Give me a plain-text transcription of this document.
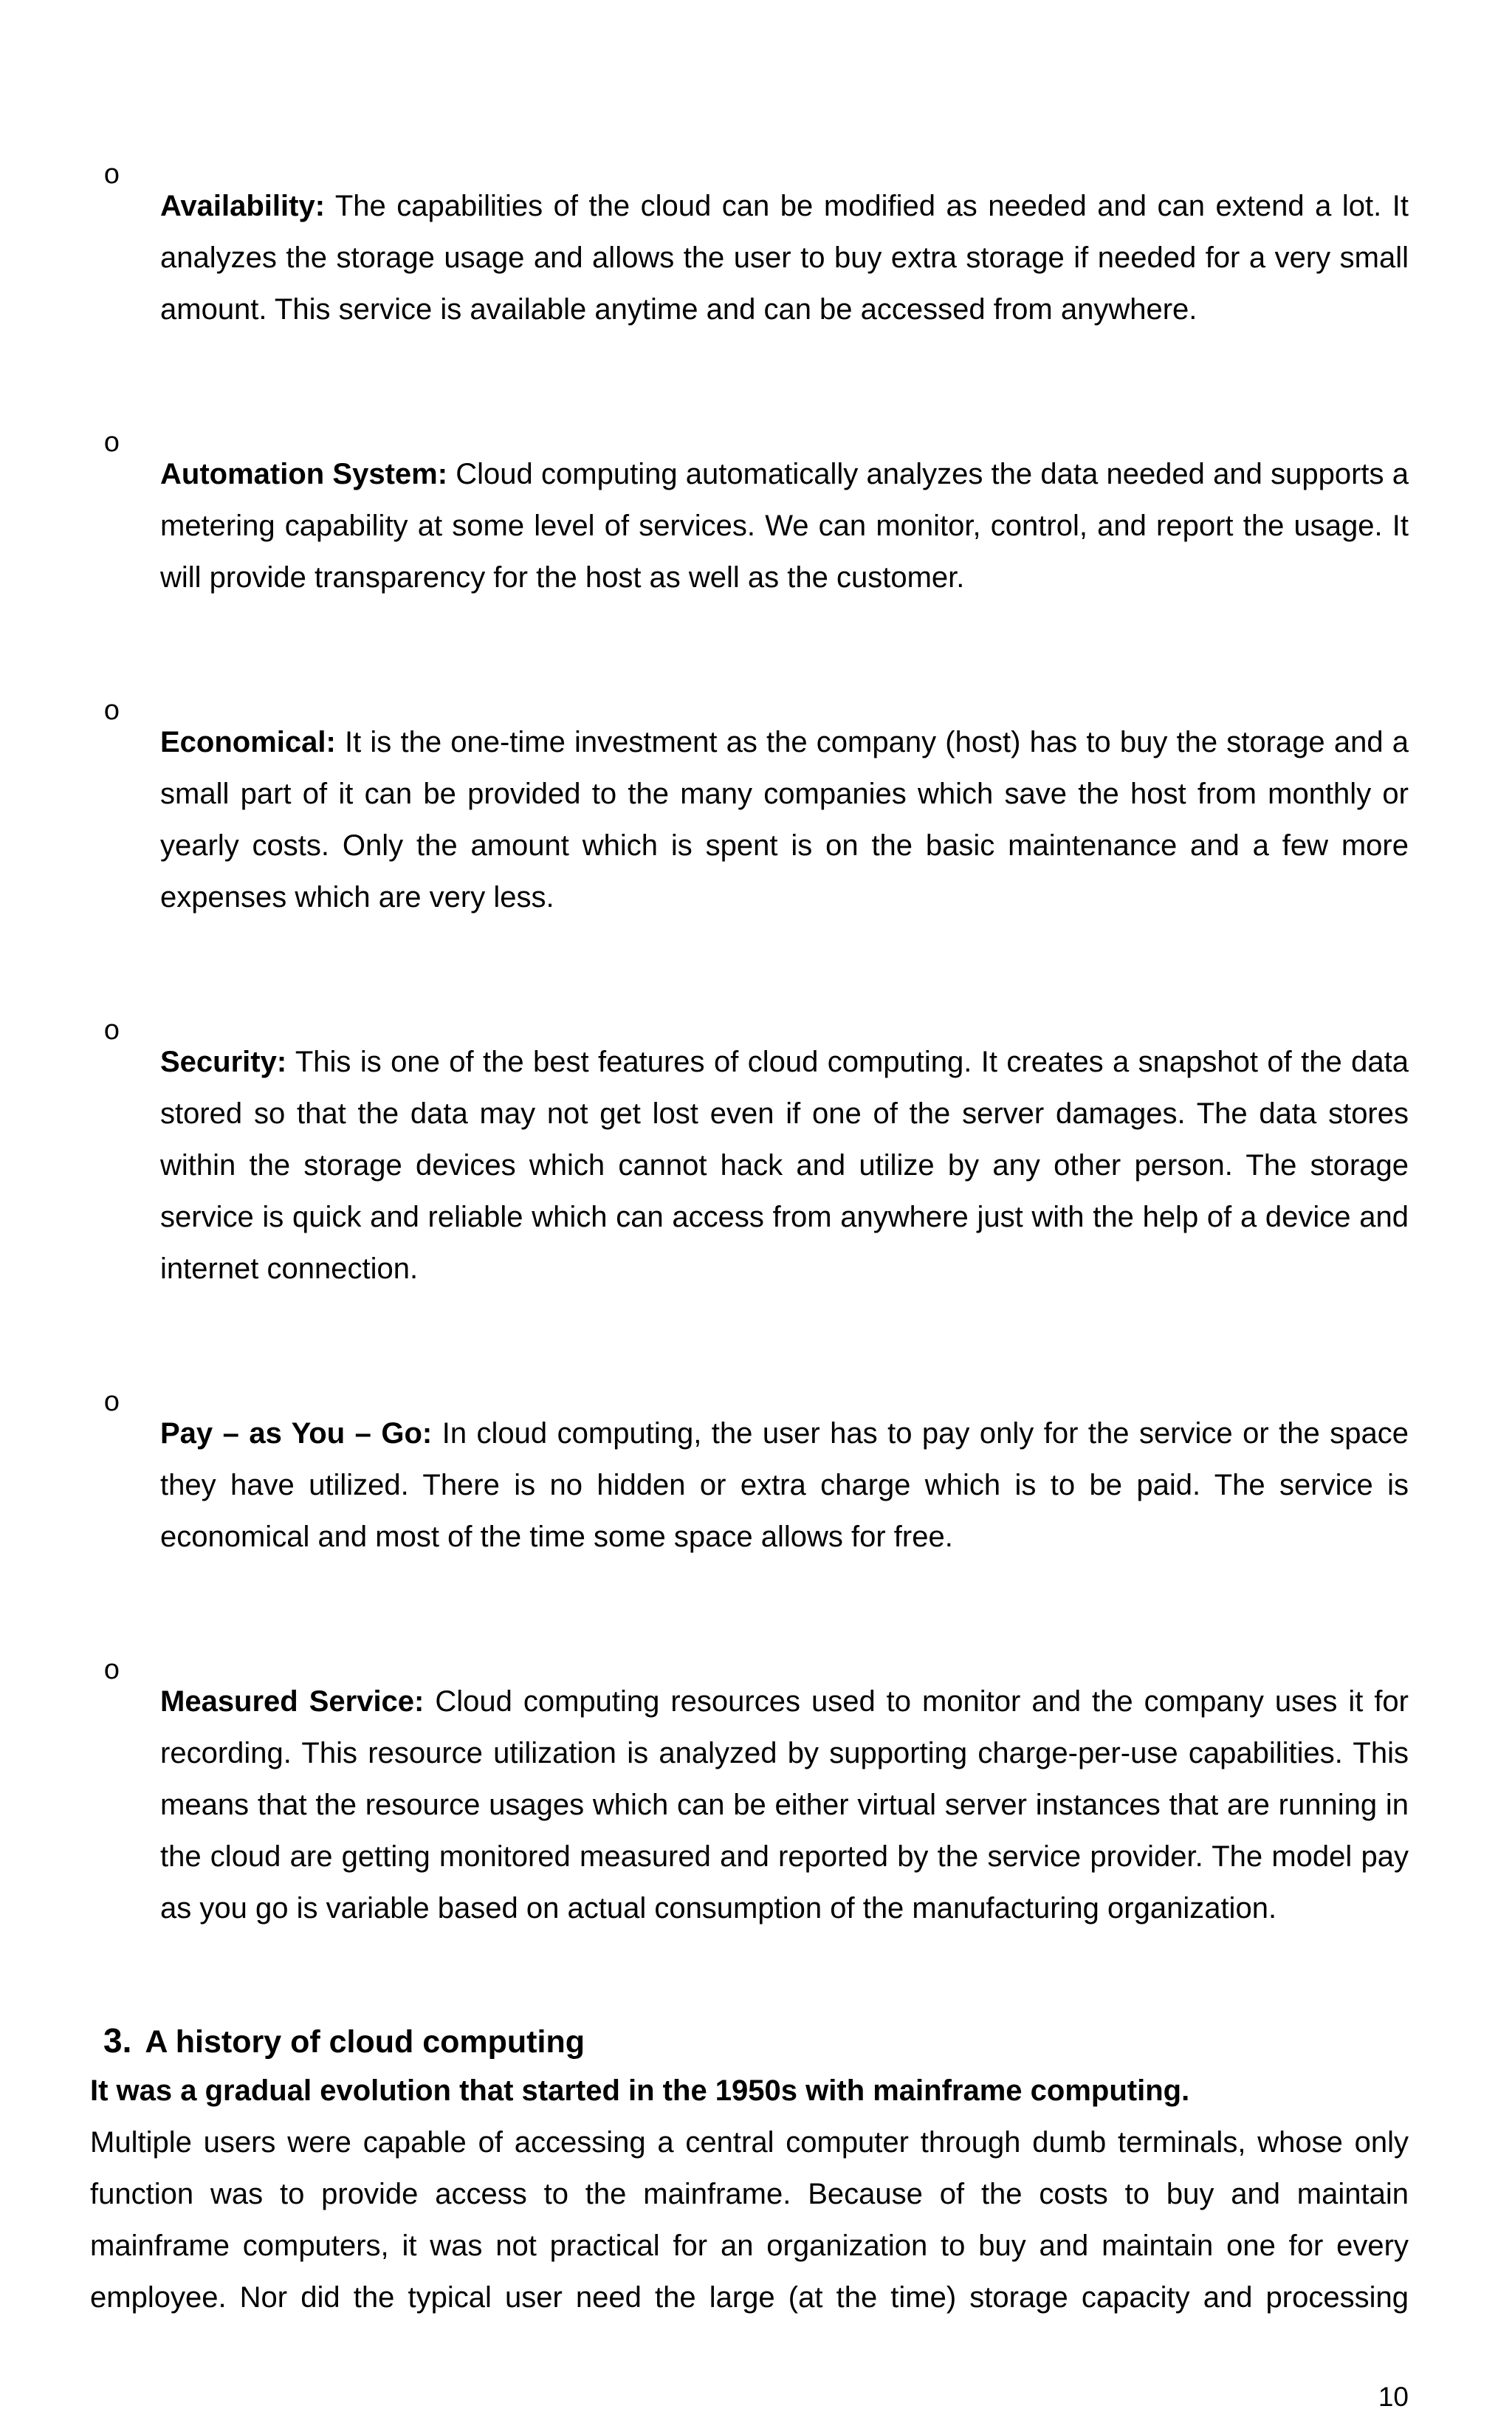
o

Availability: The capabilities of the cloud can be modified as needed and can extend a lot. It analyzes the storage usage and allows the user to buy extra storage if needed for a very small amount. This service is available anytime and can be accessed from anywhere.

o

Automation System: Cloud computing automatically analyzes the data needed and supports a metering capability at some level of services. We can monitor, control, and report the usage. It will provide transparency for the host as well as the customer.

o

Economical: It is the one-time investment as the company (host) has to buy the storage and a small part of it can be provided to the many companies which save the host from monthly or yearly costs. Only the amount which is spent is on the basic maintenance and a few more expenses which are very less.

o

Security: This is one of the best features of cloud computing. It creates a snapshot of the data stored so that the data may not get lost even if one of the server damages. The data stores within the storage devices which cannot hack and utilize by any other person. The storage service is quick and reliable which can access from anywhere just with the help of a device and internet connection.

o

Pay – as You – Go: In cloud computing, the user has to pay only for the service or the space they have utilized. There is no hidden or extra charge which is to be paid. The service is economical and most of the time some space allows for free.

o

Measured Service: Cloud computing resources used to monitor and the company uses it for recording. This resource utilization is analyzed by supporting charge-per-use capabilities. This means that the resource usages which can be either virtual server instances that are running in the cloud are getting monitored measured and reported by the service provider. The model pay as you go is variable based on actual consumption of the manufacturing organization.

3. A history of cloud computing

It was a gradual evolution that started in the 1950s with mainframe computing.

Multiple users were capable of accessing a central computer through dumb terminals, whose only function was to provide access to the mainframe. Because of the costs to buy and maintain mainframe computers, it was not practical for an organization to buy and maintain one for every employee. Nor did the typical user need the large (at the time) storage capacity and processing

10
